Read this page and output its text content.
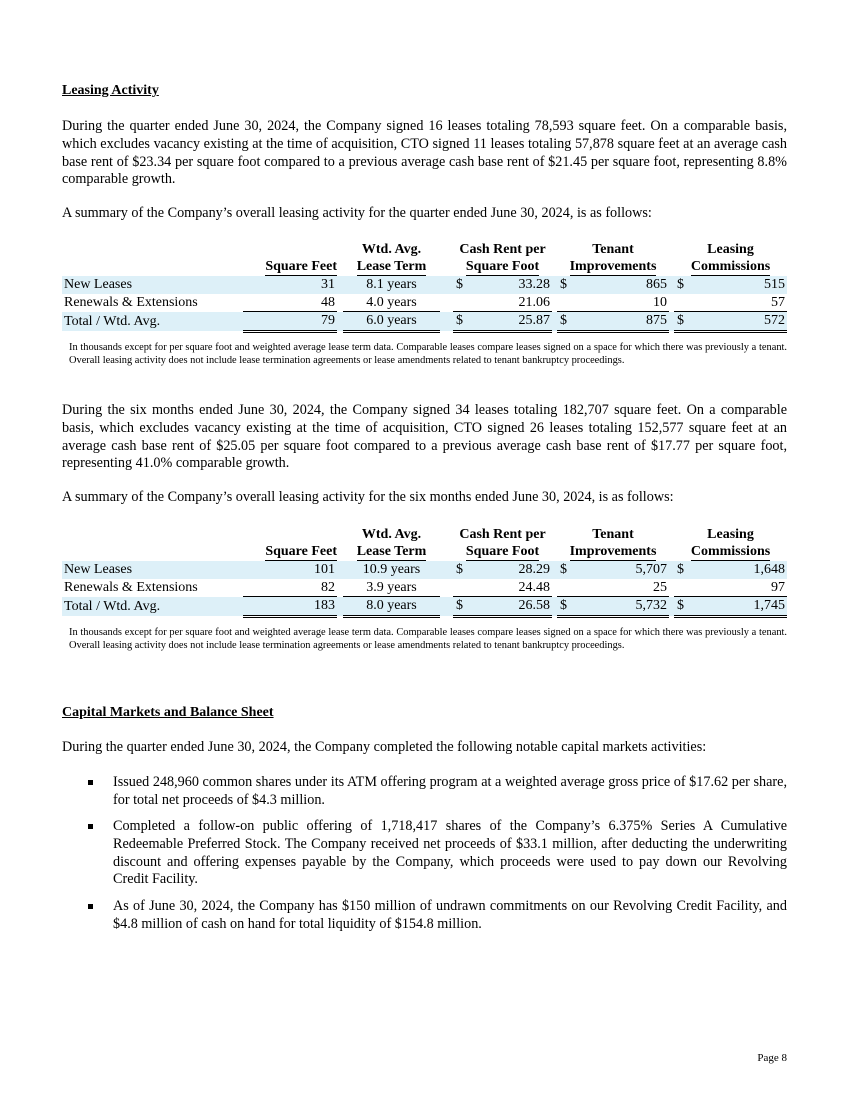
Leasing Activity

During the quarter ended June 30, 2024, the Company signed 16 leases totaling 78,593 square feet. On a comparable basis, which excludes vacancy existing at the time of acquisition, CTO signed 11 leases totaling 57,878 square feet at an average cash base rent of $23.34 per square foot compared to a previous average cash base rent of $21.45 per square foot, representing 8.8% comparable growth.

A summary of the Company’s overall leasing activity for the quarter ended June 30, 2024, is as follows:

			Wtd. Avg.		Cash Rent per			Tenant			Leasing	
	Square Feet		Lease Term		Square Foot			Improvements			Commissions	
New Leases	31		8.1 years		$	33.28		$	865		$	515
Renewals & Extensions	48		4.0 years			21.06			10			57
Total / Wtd. Avg.	79		6.0 years		$	25.87		$	875		$	572

In thousands except for per square foot and weighted average lease term data. Comparable leases compare leases signed on a space for which there was previously a tenant. Overall leasing activity does not include lease termination agreements or lease amendments related to tenant bankruptcy proceedings.

During the six months ended June 30, 2024, the Company signed 34 leases totaling 182,707 square feet. On a comparable basis, which excludes vacancy existing at the time of acquisition, CTO signed 26 leases totaling 152,577 square feet at an average cash base rent of $25.05 per square foot compared to a previous average cash base rent of $17.77 per square foot, representing 41.0% comparable growth.

A summary of the Company’s overall leasing activity for the six months ended June 30, 2024, is as follows:

			Wtd. Avg.		Cash Rent per			Tenant			Leasing	
	Square Feet		Lease Term		Square Foot			Improvements			Commissions	
New Leases	101		10.9 years		$	28.29		$	5,707		$	1,648
Renewals & Extensions	82		3.9 years			24.48			25			97
Total / Wtd. Avg.	183		8.0 years		$	26.58		$	5,732		$	1,745

In thousands except for per square foot and weighted average lease term data. Comparable leases compare leases signed on a space for which there was previously a tenant. Overall leasing activity does not include lease termination agreements or lease amendments related to tenant bankruptcy proceedings.

Capital Markets and Balance Sheet

During the quarter ended June 30, 2024, the Company completed the following notable capital markets activities:

Issued 248,960 common shares under its ATM offering program at a weighted average gross price of $17.62 per share, for total net proceeds of $4.3 million.
Completed a follow-on public offering of 1,718,417 shares of the Company’s 6.375% Series A Cumulative Redeemable Preferred Stock. The Company received net proceeds of $33.1 million, after deducting the underwriting discount and offering expenses payable by the Company, which proceeds were used to pay down our Revolving Credit Facility.
As of June 30, 2024, the Company has $150 million of undrawn commitments on our Revolving Credit Facility, and $4.8 million of cash on hand for total liquidity of $154.8 million.
Page 8
